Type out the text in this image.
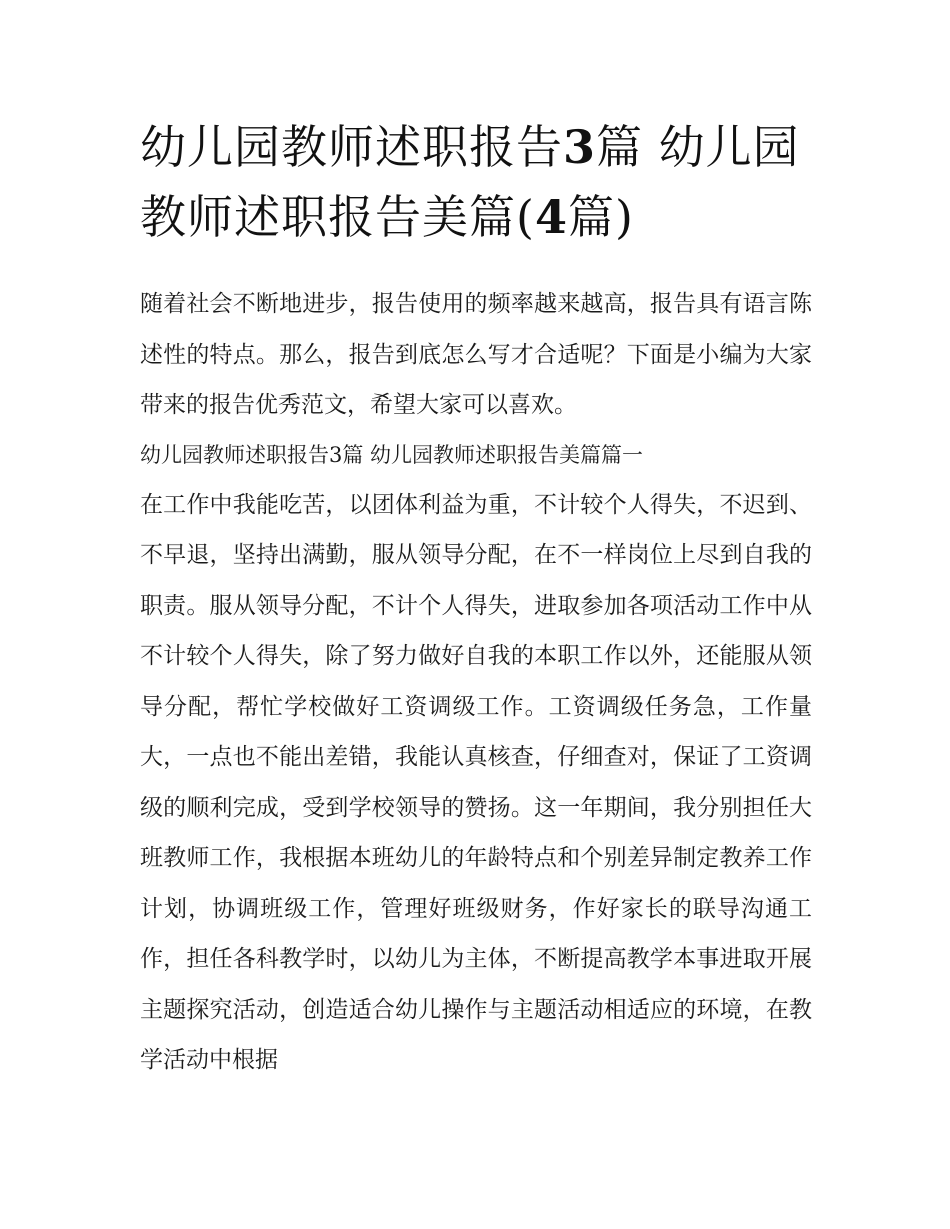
幼儿园教师述职报告3篇 幼儿园教师述职报告美篇(4篇)

随着社会不断地进步，报告使用的频率越来越高，报告具有语言陈述性的特点。那么，报告到底怎么写才合适呢？下面是小编为大家带来的报告优秀范文，希望大家可以喜欢。

幼儿园教师述职报告3篇 幼儿园教师述职报告美篇篇一

在工作中我能吃苦，以团体利益为重，不计较个人得失，不迟到、不早退，坚持出满勤，服从领导分配，在不一样岗位上尽到自我的职责。服从领导分配，不计个人得失，进取参加各项活动工作中从不计较个人得失，除了努力做好自我的本职工作以外，还能服从领导分配，帮忙学校做好工资调级工作。工资调级任务急，工作量大，一点也不能出差错，我能认真核查，仔细查对，保证了工资调级的顺利完成，受到学校领导的赞扬。这一年期间，我分别担任大班教师工作，我根据本班幼儿的年龄特点和个别差异制定教养工作计划，协调班级工作，管理好班级财务，作好家长的联导沟通工作，担任各科教学时，以幼儿为主体，不断提高教学本事进取开展主题探究活动，创造适合幼儿操作与主题活动相适应的环境，在教学活动中根据
